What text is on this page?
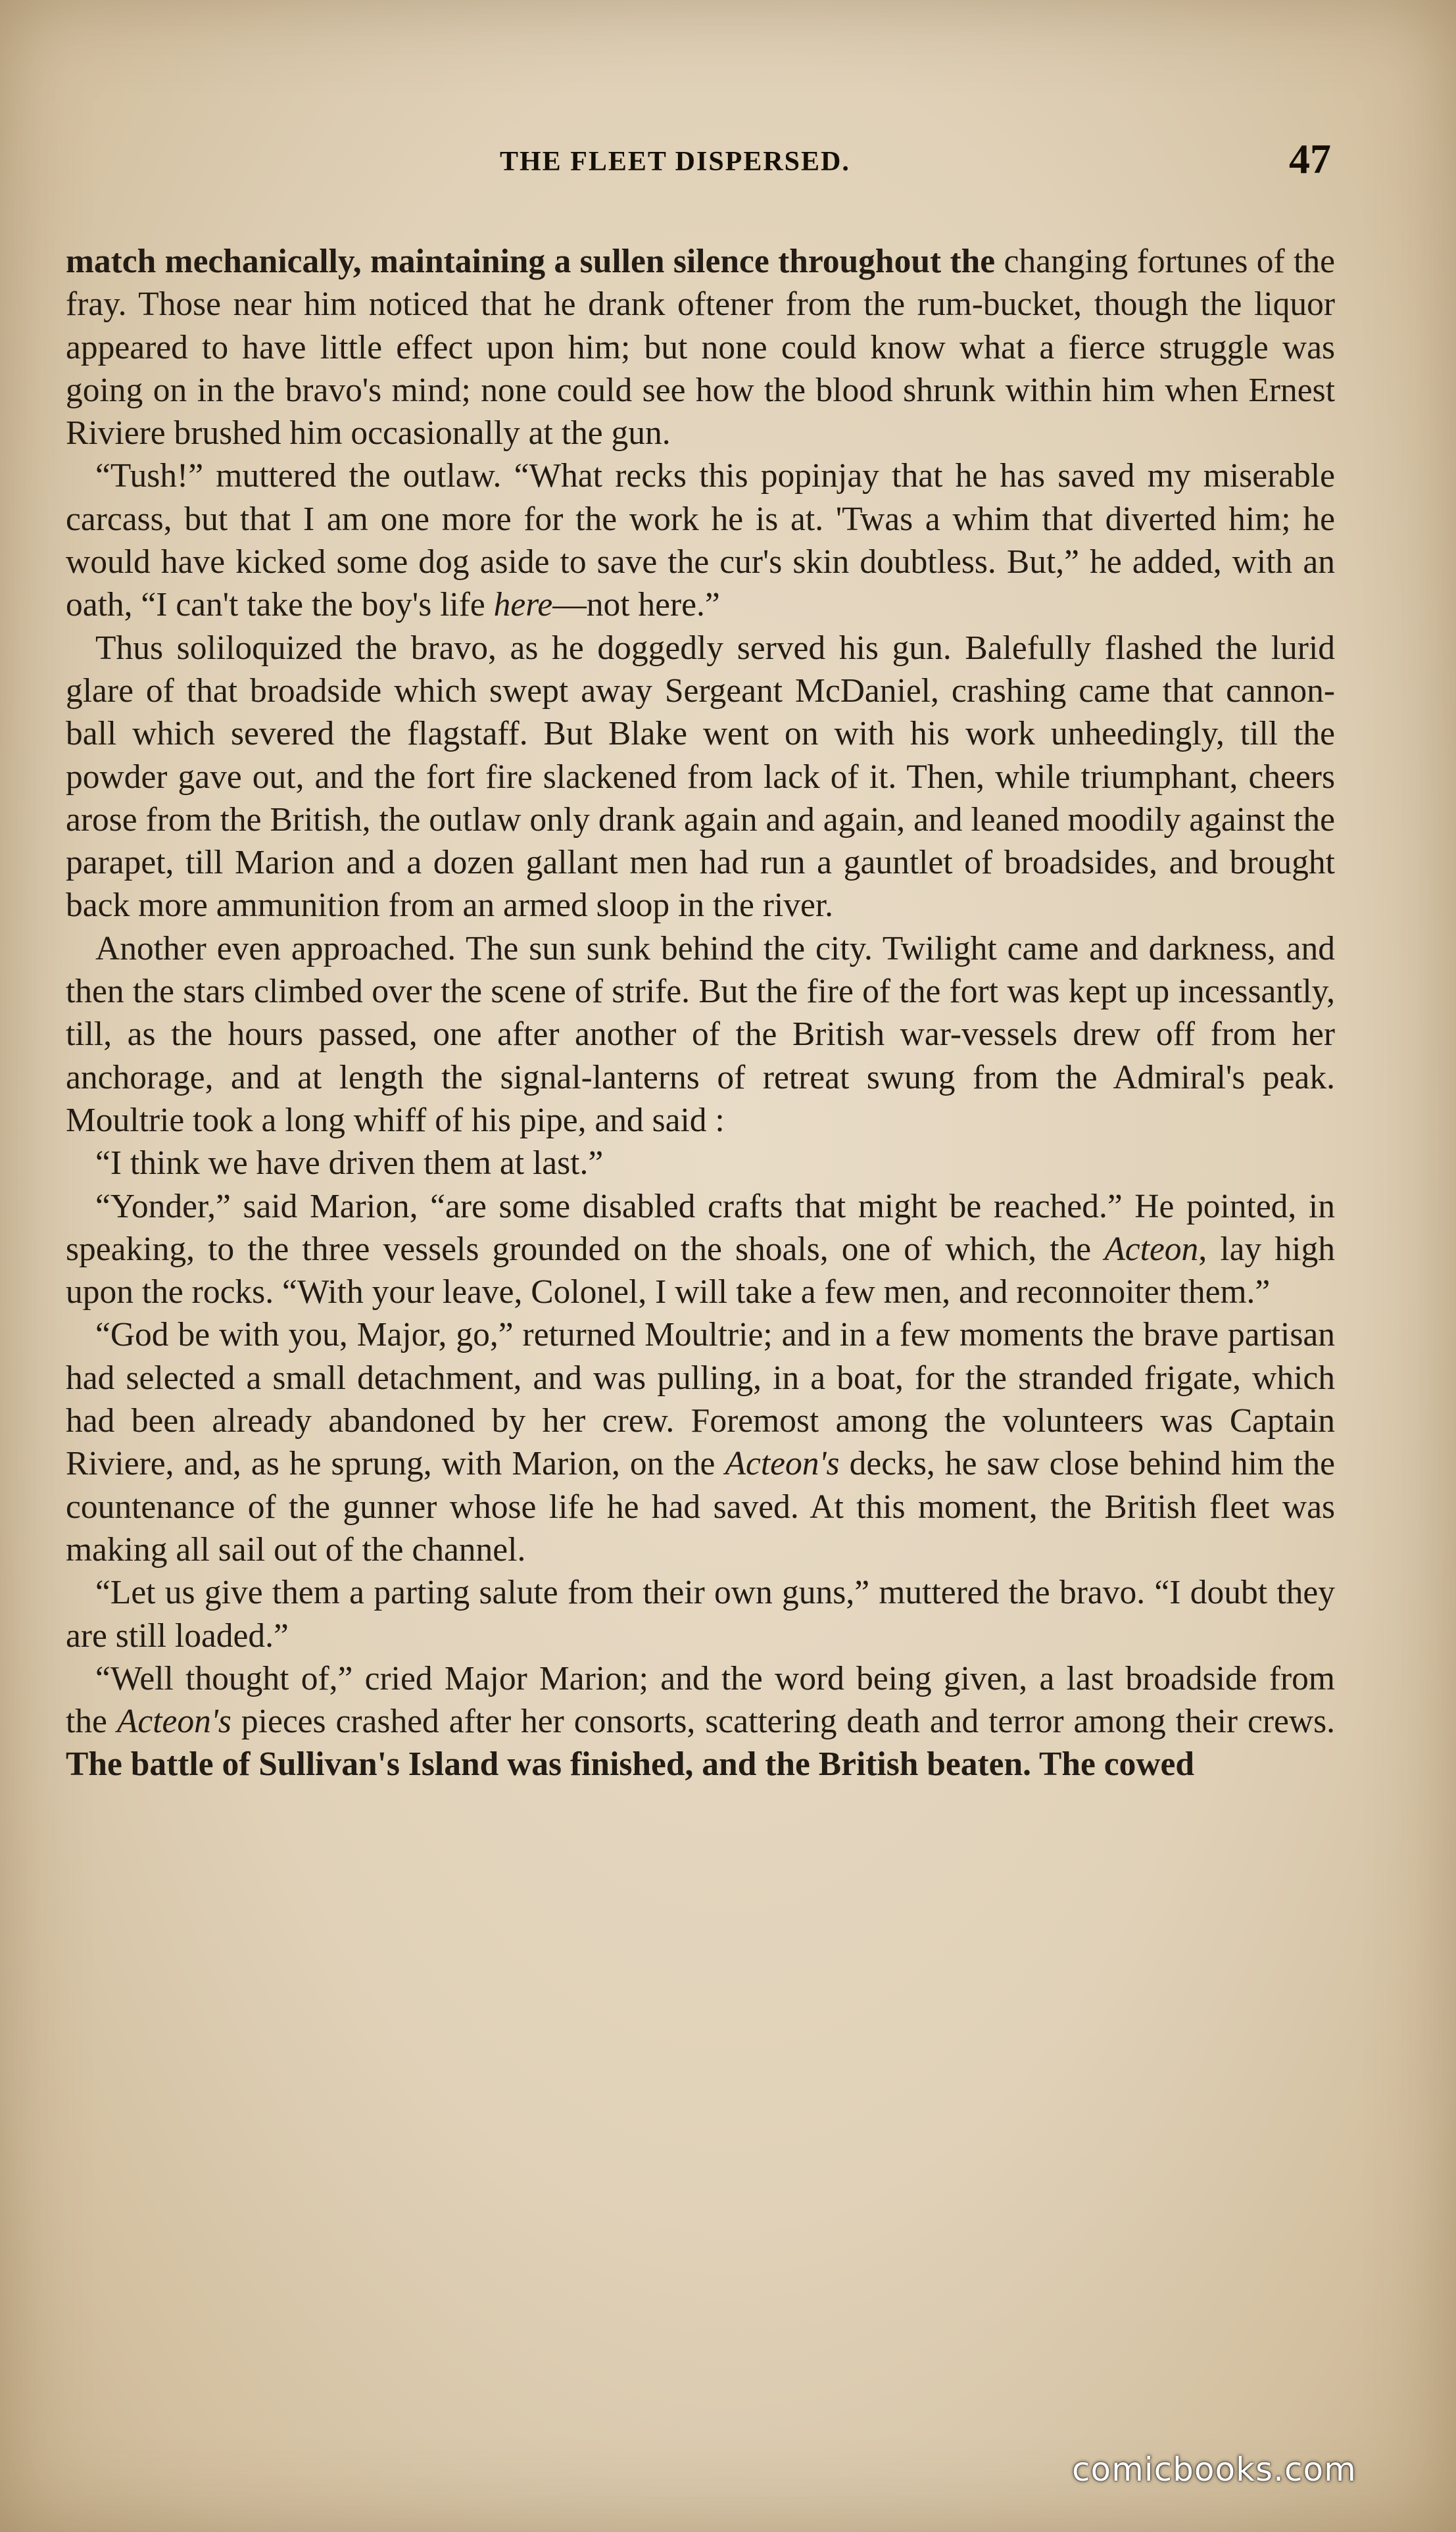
THE FLEET DISPERSED.	47

match mechanically, maintaining a sullen silence throughout the changing fortunes of the fray. Those near him noticed that he drank oftener from the rum-bucket, though the liquor appeared to have little effect upon him; but none could know what a fierce struggle was going on in the bravo's mind; none could see how the blood shrunk within him when Ernest Riviere brushed him occasionally at the gun.

“Tush!” muttered the outlaw. “What recks this popinjay that he has saved my miserable carcass, but that I am one more for the work he is at. 'Twas a whim that diverted him; he would have kicked some dog aside to save the cur's skin doubtless. But,” he added, with an oath, “I can't take the boy's life here—not here.”

Thus soliloquized the bravo, as he doggedly served his gun. Balefully flashed the lurid glare of that broadside which swept away Sergeant McDaniel, crashing came that cannon-ball which severed the flagstaff. But Blake went on with his work unheedingly, till the powder gave out, and the fort fire slackened from lack of it. Then, while triumphant, cheers arose from the British, the outlaw only drank again and again, and leaned moodily against the parapet, till Marion and a dozen gallant men had run a gauntlet of broadsides, and brought back more ammunition from an armed sloop in the river.

Another even approached. The sun sunk behind the city. Twilight came and darkness, and then the stars climbed over the scene of strife. But the fire of the fort was kept up incessantly, till, as the hours passed, one after another of the British war-vessels drew off from her anchorage, and at length the signal-lanterns of retreat swung from the Admiral's peak. Moultrie took a long whiff of his pipe, and said :

“I think we have driven them at last.”

“Yonder,” said Marion, “are some disabled crafts that might be reached.” He pointed, in speaking, to the three vessels grounded on the shoals, one of which, the Acteon, lay high upon the rocks. “With your leave, Colonel, I will take a few men, and reconnoiter them.”

“God be with you, Major, go,” returned Moultrie; and in a few moments the brave partisan had selected a small detachment, and was pulling, in a boat, for the stranded frigate, which had been already abandoned by her crew. Foremost among the volunteers was Captain Riviere, and, as he sprung, with Marion, on the Acteon's decks, he saw close behind him the countenance of the gunner whose life he had saved. At this moment, the British fleet was making all sail out of the channel.

“Let us give them a parting salute from their own guns,” muttered the bravo. “I doubt they are still loaded.”

“Well thought of,” cried Major Marion; and the word being given, a last broadside from the Acteon's pieces crashed after her consorts, scattering death and terror among their crews. The battle of Sullivan's Island was finished, and the British beaten. The cowed

comicbooks.com
